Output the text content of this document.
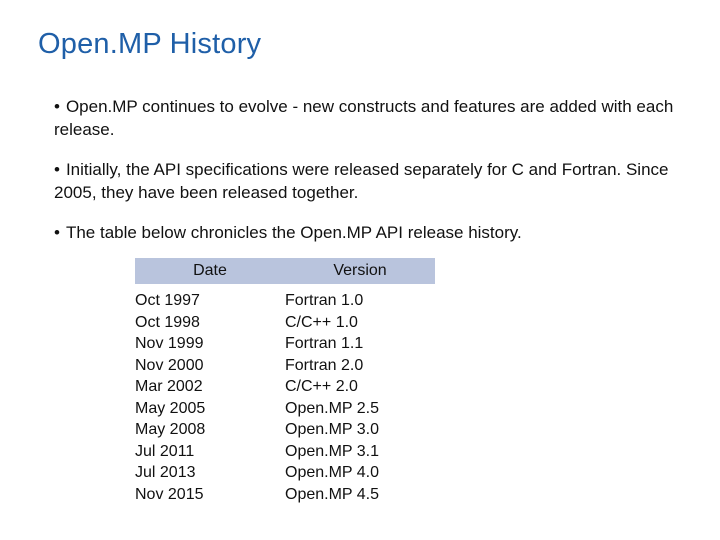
Open.MP History
• Open.MP continues to evolve - new constructs and features are added with each release.
• Initially, the API specifications were released separately for C and Fortran. Since 2005, they have been released together.
• The table below chronicles the Open.MP API release history.
Date	Version
Oct 1997
Oct 1998
Nov 1999
Nov 2000
Mar 2002
May 2005
May 2008
Jul 2011
Jul 2013
Nov 2015
Fortran 1.0
C/C++ 1.0
Fortran 1.1
Fortran 2.0
C/C++ 2.0
Open.MP 2.5
Open.MP 3.0
Open.MP 3.1
Open.MP 4.0
Open.MP 4.5
